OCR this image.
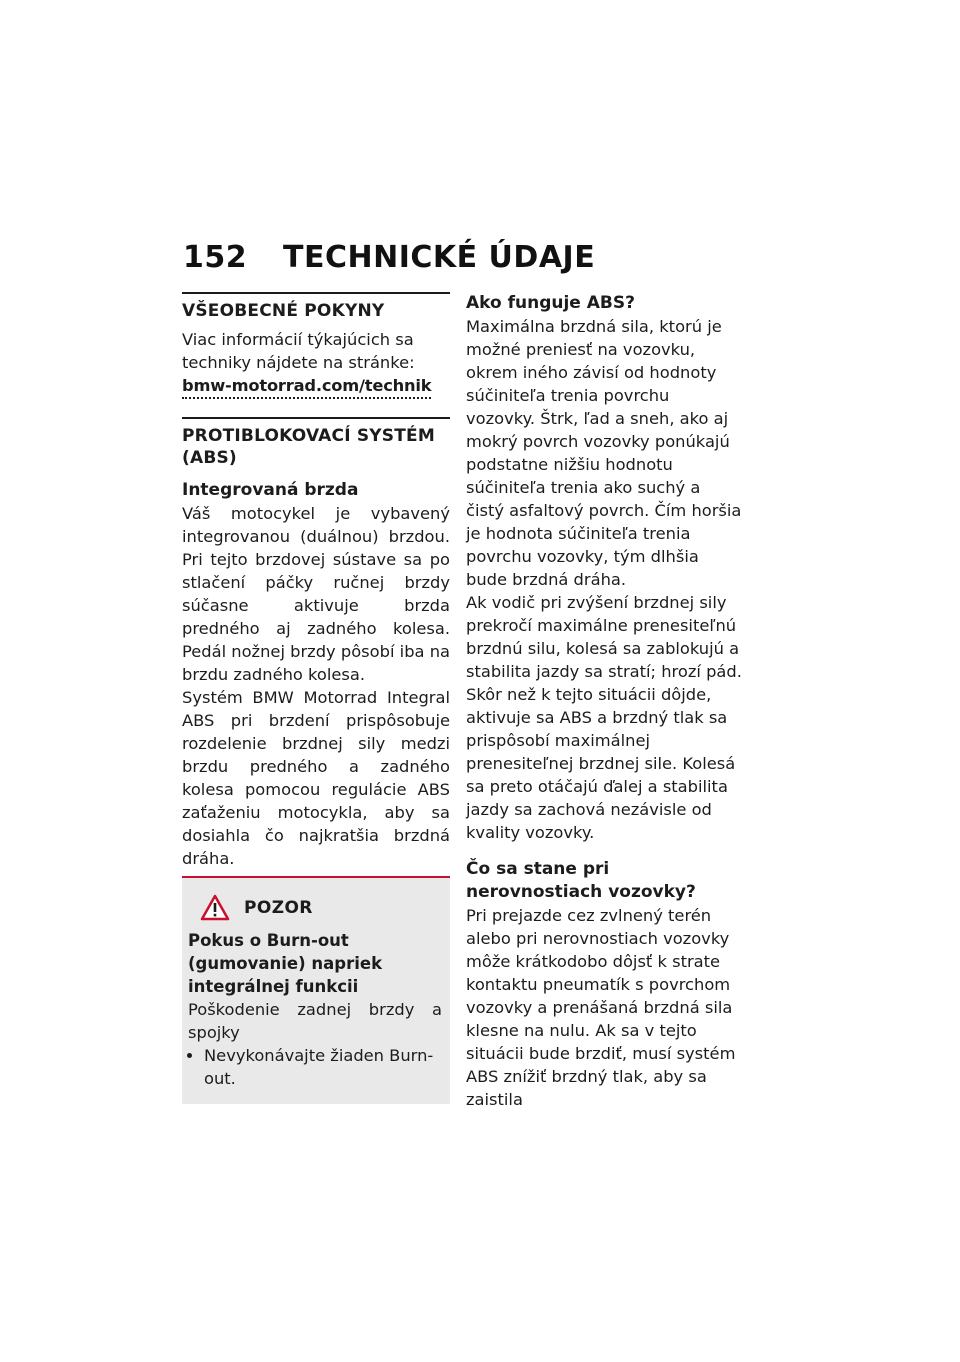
152 TECHNICKÉ ÚDAJE
VŠEOBECNÉ POKYNY

Viac informácií týkajúcich sa techniky nájdete na stránke:

bmw-motorrad.com/technik
PROTIBLOKOVACÍ SYSTÉM (ABS)
Integrovaná brzda

Váš motocykel je vybavený integrovanou (duálnou) brzdou. Pri tejto brzdovej sústave sa po stlačení páčky ručnej brzdy súčasne aktivuje brzda predného aj zadného kolesa. Pedál nožnej brzdy pôsobí iba na brzdu zadného kolesa.

Systém BMW Motorrad Integral ABS pri brzdení prispôsobuje rozdelenie brzdnej sily medzi brzdu predného a zadného kolesa pomocou regulácie ABS zaťaženiu motocykla, aby sa dosiahla čo najkratšia brzdná dráha.

POZOR
Pokus o Burn-out (gumovanie) napriek integrálnej funkcii

Poškodenie zadnej brzdy a spojky

• Nevykonávajte žiaden Burn-out.
Ako funguje ABS?

Maximálna brzdná sila, ktorú je možné preniesť na vozovku, okrem iného závisí od hodnoty súčiniteľa trenia povrchu vozovky. Štrk, ľad a sneh, ako aj mokrý povrch vozovky ponúkajú podstatne nižšiu hodnotu súčiniteľa trenia ako suchý a čistý asfaltový povrch. Čím horšia je hodnota súčiniteľa trenia povrchu vozovky, tým dlhšia bude brzdná dráha.

Ak vodič pri zvýšení brzdnej sily prekročí maximálne prenesiteľnú brzdnú silu, kolesá sa zablokujú a stabilita jazdy sa stratí; hrozí pád. Skôr než k tejto situácii dôjde, aktivuje sa ABS a brzdný tlak sa prispôsobí maximálnej prenesiteľnej brzdnej sile. Kolesá sa preto otáčajú ďalej a stabilita jazdy sa zachová nezávisle od kvality vozovky.

Čo sa stane pri nerovnostiach vozovky?

Pri prejazde cez zvlnený terén alebo pri nerovnostiach vozovky môže krátkodobo dôjsť k strate kontaktu pneumatík s povrchom vozovky a prenášaná brzdná sila klesne na nulu. Ak sa v tejto situácii bude brzdiť, musí systém ABS znížiť brzdný tlak, aby sa zaistila
